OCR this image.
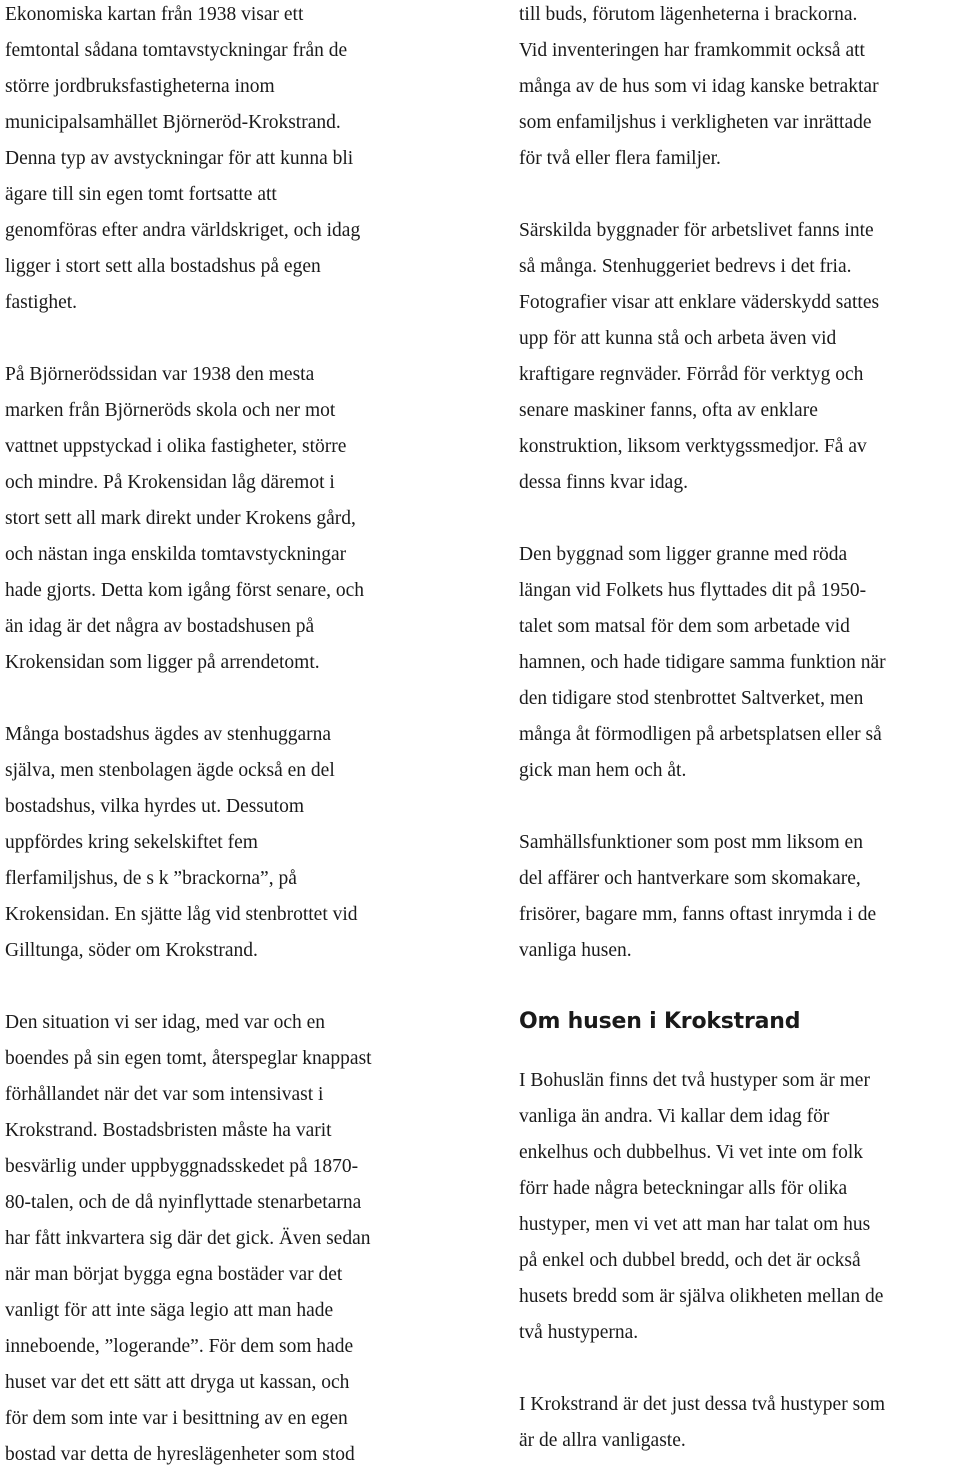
Ekonomiska kartan från 1938 visar ett
femtontal sådana tomtavstyckningar från de
större jordbruksfastigheterna inom
municipalsamhället Björneröd-Krokstrand.
Denna typ av avstyckningar för att kunna bli
ägare till sin egen tomt fortsatte att
genomföras efter andra världskriget, och idag
ligger i stort sett alla bostadshus på egen
fastighet.

På Björnerödssidan var 1938 den mesta
marken från Björneröds skola och ner mot
vattnet uppstyckad i olika fastigheter, större
och mindre. På Krokensidan låg däremot i
stort sett all mark direkt under Krokens gård,
och nästan inga enskilda tomtavstyckningar
hade gjorts. Detta kom igång först senare, och
än idag är det några av bostadshusen på
Krokensidan som ligger på arrendetomt.

Många bostadshus ägdes av stenhuggarna
själva, men stenbolagen ägde också en del
bostadshus, vilka hyrdes ut. Dessutom
uppfördes kring sekelskiftet fem
flerfamiljshus, de s k ”brackorna”, på
Krokensidan. En sjätte låg vid stenbrottet vid
Gilltunga, söder om Krokstrand.

Den situation vi ser idag, med var och en
boendes på sin egen tomt, återspeglar knappast
förhållandet när det var som intensivast i
Krokstrand. Bostadsbristen måste ha varit
besvärlig under uppbyggnadsskedet på 1870-
80-talen, och de då nyinflyttade stenarbetarna
har fått inkvartera sig där det gick. Även sedan
när man börjat bygga egna bostäder var det
vanligt för att inte säga legio att man hade
inneboende, ”logerande”. För dem som hade
huset var det ett sätt att dryga ut kassan, och
för dem som inte var i besittning av en egen
bostad var detta de hyreslägenheter som stod

till buds, förutom lägenheterna i brackorna.
Vid inventeringen har framkommit också att
många av de hus som vi idag kanske betraktar
som enfamiljshus i verkligheten var inrättade
för två eller flera familjer.

Särskilda byggnader för arbetslivet fanns inte
så många. Stenhuggeriet bedrevs i det fria.
Fotografier visar att enklare väderskydd sattes
upp för att kunna stå och arbeta även vid
kraftigare regnväder. Förråd för verktyg och
senare maskiner fanns, ofta av enklare
konstruktion, liksom verktygssmedjor. Få av
dessa finns kvar idag.

Den byggnad som ligger granne med röda
längan vid Folkets hus flyttades dit på 1950-
talet som matsal för dem som arbetade vid
hamnen, och hade tidigare samma funktion när
den tidigare stod stenbrottet Saltverket, men
många åt förmodligen på arbetsplatsen eller så
gick man hem och åt.

Samhällsfunktioner som post mm liksom en
del affärer och hantverkare som skomakare,
frisörer, bagare mm, fanns oftast inrymda i de
vanliga husen.

Om husen i Krokstrand

I Bohuslän finns det två hustyper som är mer
vanliga än andra. Vi kallar dem idag för
enkelhus och dubbelhus. Vi vet inte om folk
förr hade några beteckningar alls för olika
hustyper, men vi vet att man har talat om hus
på enkel och dubbel bredd, och det är också
husets bredd som är själva olikheten mellan de
två hustyperna.

I Krokstrand är det just dessa två hustyper som
är de allra vanligaste.
